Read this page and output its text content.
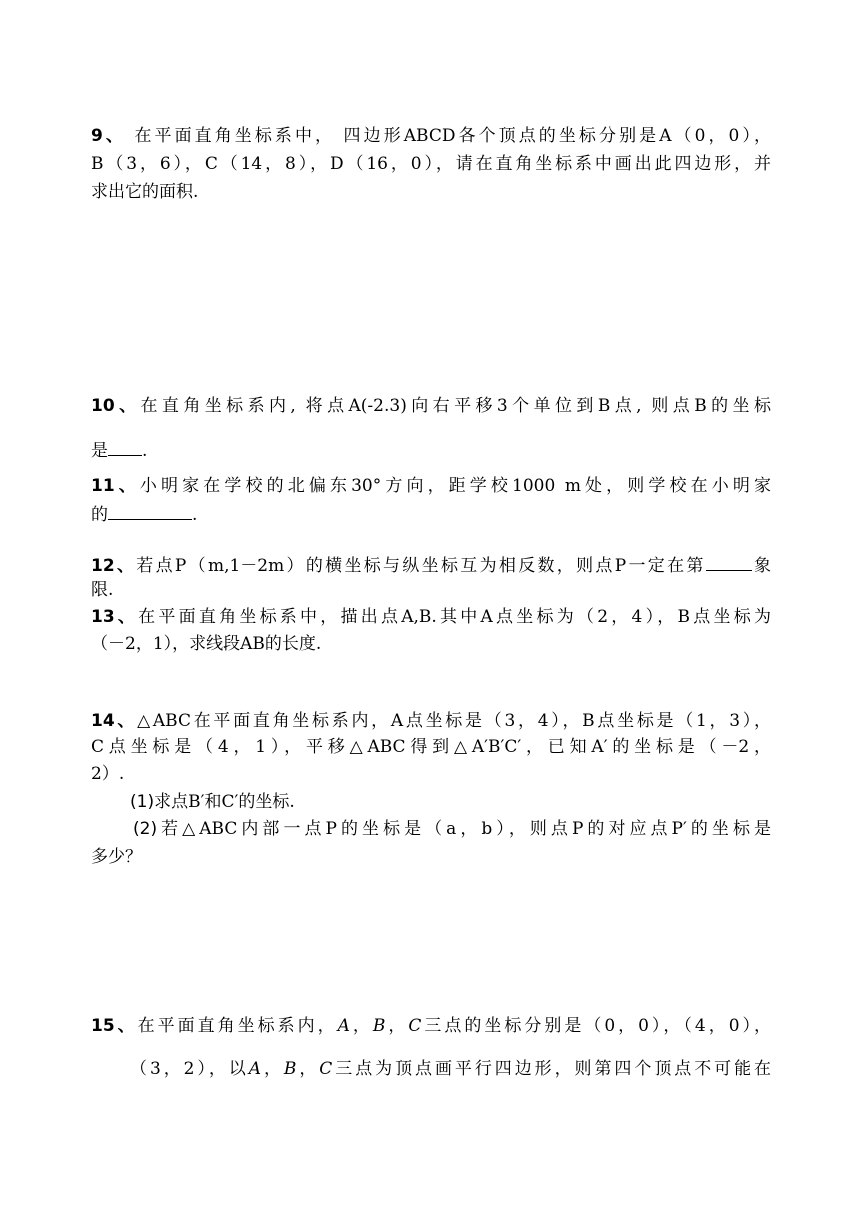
9、 在平面直角坐标系中， 四边形ABCD各个顶点的坐标分别是A（0，0），
B（3，6），C（14，8），D（16，0），请在直角坐标系中画出此四边形，并
求出它的面积.
10、在直角坐标系内, 将点A(-2.3)向右平移3个单位到B点, 则点B的坐标
是 .
11、小明家在学校的北偏东30°方向，距学校1000 m处，则学校在小明家
的	.
12、若点P（m,1－2m）的横坐标与纵坐标互为相反数，则点P一定在第	象
限.
13、在平面直角坐标系中，描出点A,B.其中A点坐标为（2，4），B点坐标为
（－2，1），求线段AB的长度.
14、△ABC在平面直角坐标系内，A点坐标是（3，4），B点坐标是（1，3），
C点坐标是（4，1），平移△ABC得到△A′B′C′，已知A′的坐标是（－2，
2）.
(1)求点B′和C′的坐标.
(2)若△ABC内部一点P的坐标是（a，b），则点P的对应点P′的坐标是
多少？
15、在平面直角坐标系内，A，B，C三点的坐标分别是（0，0），（4，0），
（3，2），以A，B，C三点为顶点画平行四边形，则第四个顶点不可能在
